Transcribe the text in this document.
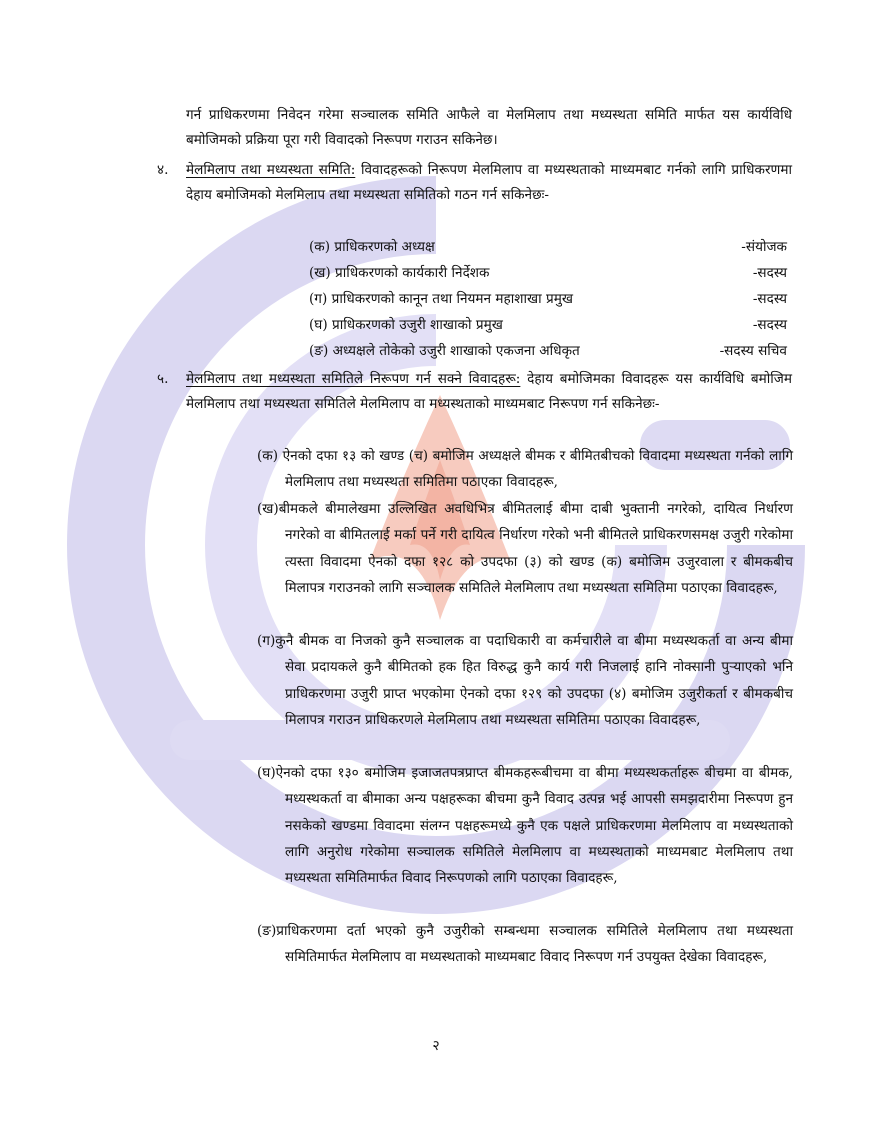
गर्न प्राधिकरणमा निवेदन गरेमा सञ्चालक समिति आफैले वा मेलमिलाप तथा मध्यस्थता समिति मार्फत यस कार्यविधि बमोजिमको प्रक्रिया पूरा गरी विवादको निरूपण गराउन सकिनेछ।
४. मेलमिलाप तथा मध्यस्थता समिति: विवादहरूको निरूपण मेलमिलाप वा मध्यस्थताको माध्यमबाट गर्नको लागि प्राधिकरणमा देहाय बमोजिमको मेलमिलाप तथा मध्यस्थता समितिको गठन गर्न सकिनेछः-
(क) प्राधिकरणको अध्यक्ष	-संयोजक
(ख) प्राधिकरणको कार्यकारी निर्देशक	-सदस्य
(ग) प्राधिकरणको कानून तथा नियमन महाशाखा प्रमुख	-सदस्य
(घ) प्राधिकरणको उजुरी शाखाको प्रमुख	-सदस्य
(ङ) अध्यक्षले तोकेको उजुरी शाखाको एकजना अधिकृत	-सदस्य सचिव
५. मेलमिलाप तथा मध्यस्थता समितिले निरूपण गर्न सक्ने विवादहरू: देहाय बमोजिमका विवादहरू यस कार्यविधि बमोजिम मेलमिलाप तथा मध्यस्थता समितिले मेलमिलाप वा मध्यस्थताको माध्यमबाट निरूपण गर्न सकिनेछः-
(क) ऐनको दफा १३ को खण्ड (च) बमोजिम अध्यक्षले बीमक र बीमितबीचको विवादमा मध्यस्थता गर्नको लागि मेलमिलाप तथा मध्यस्थता समितिमा पठाएका विवादहरू,
(ख)बीमकले बीमालेखमा उल्लिखित अवधिभित्र बीमितलाई बीमा दाबी भुक्तानी नगरेको, दायित्व निर्धारण नगरेको वा बीमितलाई मर्का पर्ने गरी दायित्व निर्धारण गरेको भनी बीमितले प्राधिकरणसमक्ष उजुरी गरेकोमा त्यस्ता विवादमा ऐनको दफा १२८ को उपदफा (३) को खण्ड (क) बमोजिम उजुरवाला र बीमकबीच मिलापत्र गराउनको लागि सञ्चालक समितिले मेलमिलाप तथा मध्यस्थता समितिमा पठाएका विवादहरू,
(ग)कुनै बीमक वा निजको कुनै सञ्चालक वा पदाधिकारी वा कर्मचारीले वा बीमा मध्यस्थकर्ता वा अन्य बीमा सेवा प्रदायकले कुनै बीमितको हक हित विरुद्ध कुनै कार्य गरी निजलाई हानि नोक्सानी पुऱ्याएको भनि प्राधिकरणमा उजुरी प्राप्त भएकोमा ऐनको दफा १२९ को उपदफा (४) बमोजिम उजुरीकर्ता र बीमकबीच मिलापत्र गराउन प्राधिकरणले मेलमिलाप तथा मध्यस्थता समितिमा पठाएका विवादहरू,
(घ)ऐनको दफा १३० बमोजिम इजाजतपत्रप्राप्त बीमकहरूबीचमा वा बीमा मध्यस्थकर्ताहरू बीचमा वा बीमक, मध्यस्थकर्ता वा बीमाका अन्य पक्षहरूका बीचमा कुनै विवाद उत्पन्न भई आपसी समझदारीमा निरूपण हुन नसकेको खण्डमा विवादमा संलग्न पक्षहरूमध्ये कुनै एक पक्षले प्राधिकरणमा मेलमिलाप वा मध्यस्थताको लागि अनुरोध गरेकोमा सञ्चालक समितिले मेलमिलाप वा मध्यस्थताको माध्यमबाट मेलमिलाप तथा मध्यस्थता समितिमार्फत विवाद निरूपणको लागि पठाएका विवादहरू,
(ङ)प्राधिकरणमा दर्ता भएको कुनै उजुरीको सम्बन्धमा सञ्चालक समितिले मेलमिलाप तथा मध्यस्थता समितिमार्फत मेलमिलाप वा मध्यस्थताको माध्यमबाट विवाद निरूपण गर्न उपयुक्त देखेका विवादहरू,
२
